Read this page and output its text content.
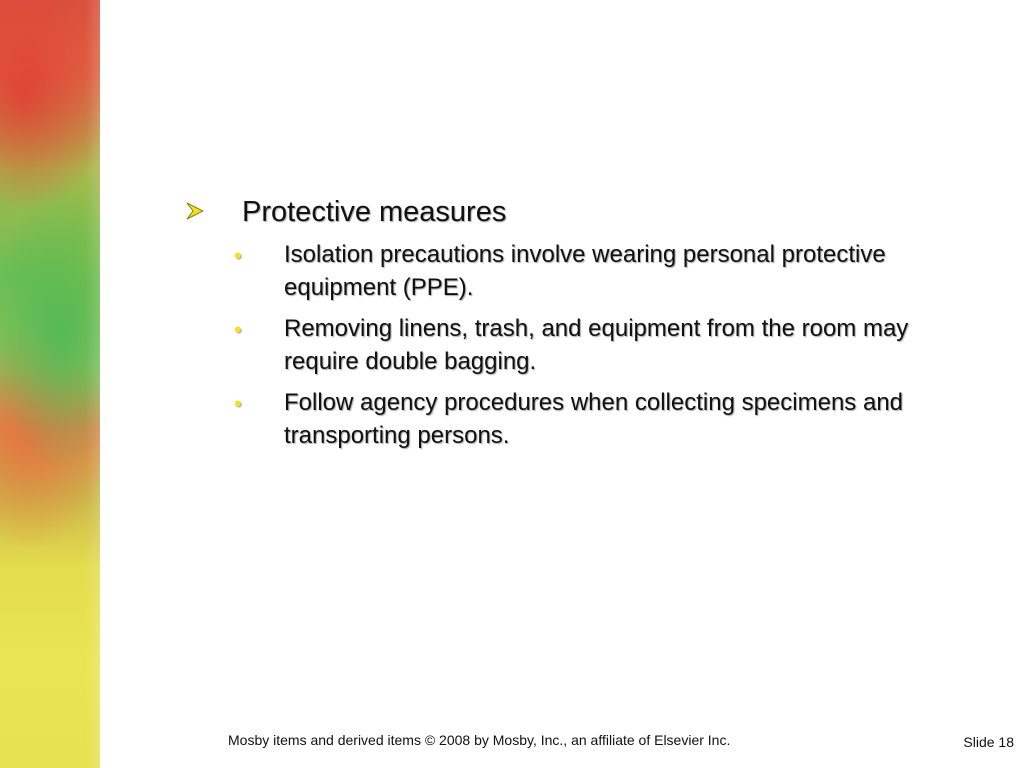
Protective measures
• Isolation precautions involve wearing personal protective equipment (PPE).
• Removing linens, trash, and equipment from the room may require double bagging.
• Follow agency procedures when collecting specimens and transporting persons.
Mosby items and derived items © 2008 by Mosby, Inc., an affiliate of Elsevier Inc.	Slide 18
